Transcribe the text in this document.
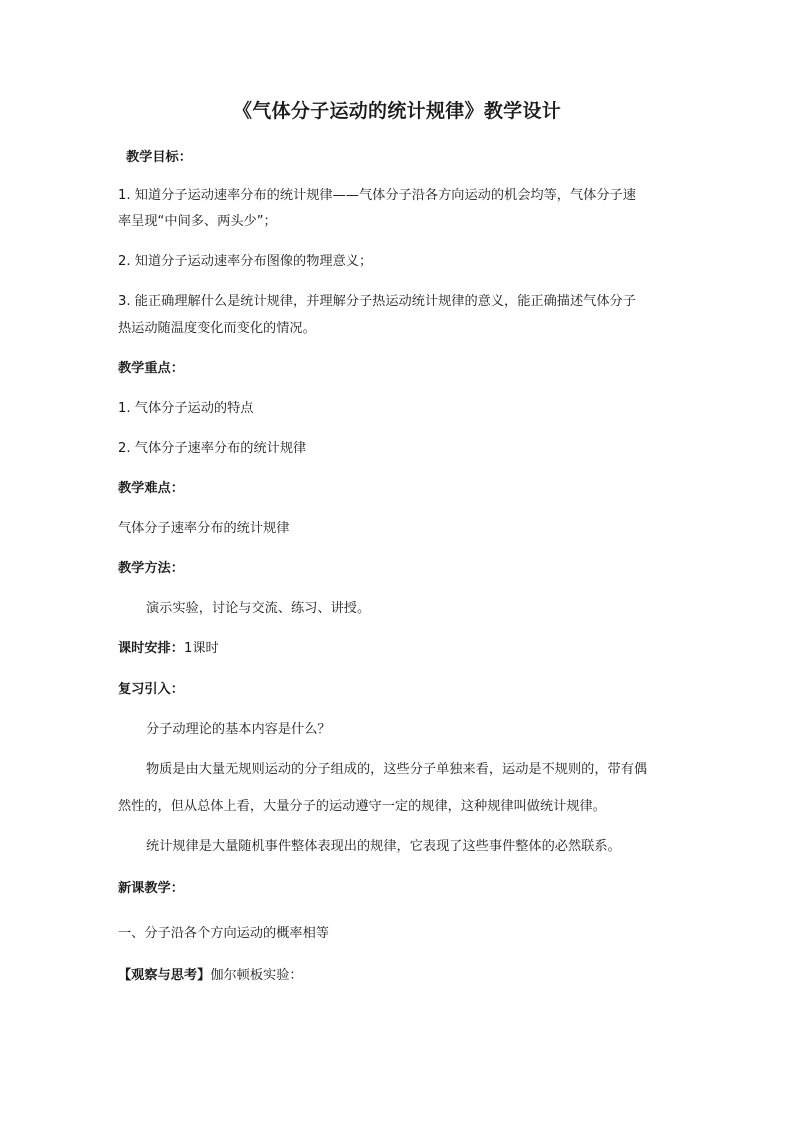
《气体分子运动的统计规律》教学设计
教学目标：
1. 知道分子运动速率分布的统计规律——气体分子沿各方向运动的机会均等，气体分子速
率呈现“中间多、两头少”；
2. 知道分子运动速率分布图像的物理意义；
3. 能正确理解什么是统计规律，并理解分子热运动统计规律的意义，能正确描述气体分子
热运动随温度变化而变化的情况。
教学重点：
1. 气体分子运动的特点
2. 气体分子速率分布的统计规律
教学难点：
气体分子速率分布的统计规律
教学方法：
演示实验，讨论与交流、练习、讲授。
课时安排：1课时
复习引入：
分子动理论的基本内容是什么？
物质是由大量无规则运动的分子组成的，这些分子单独来看，运动是不规则的，带有偶
然性的，但从总体上看，大量分子的运动遵守一定的规律，这种规律叫做统计规律。
统计规律是大量随机事件整体表现出的规律，它表现了这些事件整体的必然联系。
新课教学：
一、分子沿各个方向运动的概率相等
【观察与思考】伽尔顿板实验：
